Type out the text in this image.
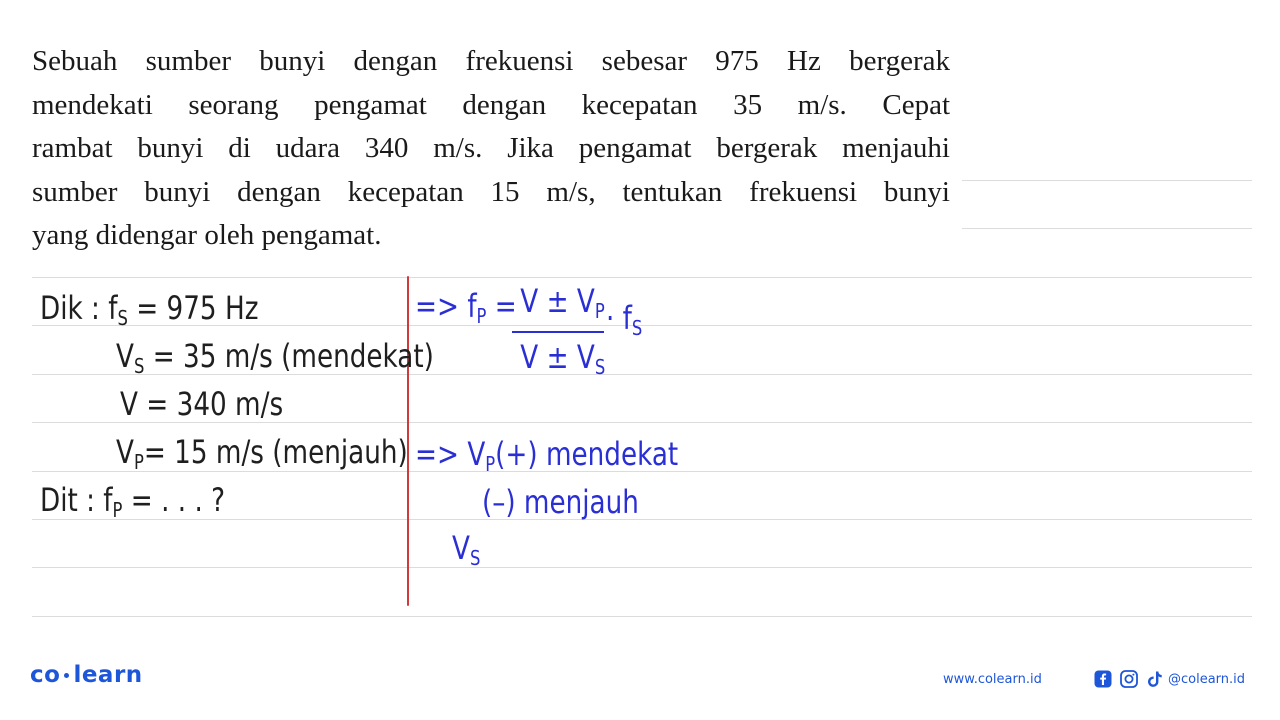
Sebuah sumber bunyi dengan frekuensi sebesar 975 Hz bergerak
mendekati seorang pengamat dengan kecepatan 35 m/s. Cepat
rambat bunyi di udara 340 m/s. Jika pengamat bergerak menjauhi
sumber bunyi dengan kecepatan 15 m/s, tentukan frekuensi bunyi
yang didengar oleh pengamat.
Dik : $f_S = 975$ Hz
$V_S = 35$ m/s (mendekat)
V = 340 m/s
$V_P= 15$ m/s (menjauh)
Dit : $f_P$ = . . . ?
=> $f_P = V \pm V_P$
$V \pm V_S$
· $f_S$
=> $V_P(+)$ mendekat
(–) menjauh
$V_S$
co learn	www.colearn.id	@colearn.id
